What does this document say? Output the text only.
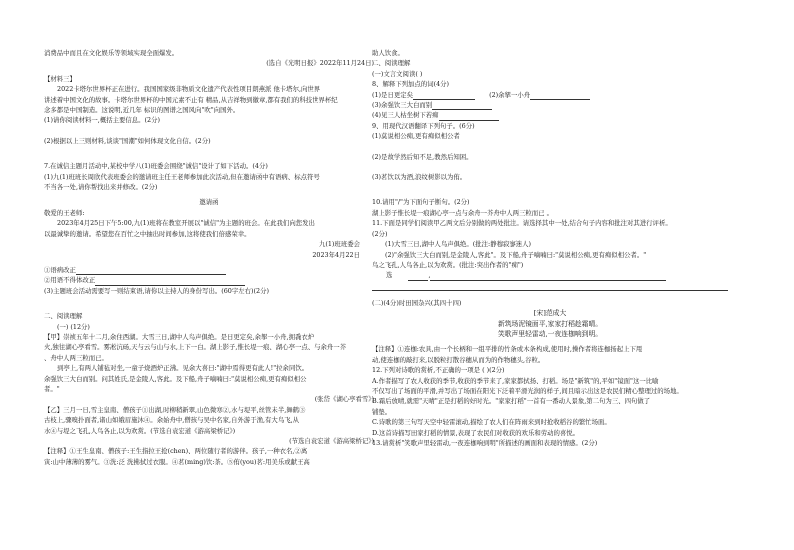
消费品中而且在文化娱乐等领域实现全面爆发。

(选自《光明日报》2022年11月24日)

【材料三】

2022卡塔尔世界杯正在进行。我国国家级非物质文化遗产代表性项目朗燕派 他卡塔尔,向世界

讲述着中国文化的故事。卡塔尔世界杯的中国元素不止有 精品,从吉祥物到徽章,都有我们的科技世界杯纪

念多都是中国制造。这说明,近几年 标识的图谱之国风向"吹"向国外。

(1)请你阅读材料一,概括主要信息。(2分)

(2)根据以上三则材料,谈谈"国潮"如何体现文化自信。(2分)

7.在诚信主题月活动中,某校中学八(1)班委会围绕"诚信"设计了如下活动。(4分)

(1)九(1)班班长周欣代表班委会的邀请班主任王老师参加此次活动,但在邀请函中有语病、标点符号

不当各一处,请你帮找出来并修改。(2分)

邀请函

敬爱的王老师:

2023年4月25日下午5:00,九(1)班将在教室开展以"诚信"为主题的班会。在此我们向您发出

以最诚挚的邀请。希望您在百忙之中抽出时间参加,这将使我们倍感荣幸。

九(1)班班委会

2023年4月22日

①语病改正

②用语不得体改正

(3)主题班会活动需要写一则结束语,请你以主持人的身份写出。(60字左右)(2分)

二、阅读理解

(一) (12分)

【甲】崇祯五年十二月,余住西湖。大雪三日,湖中人鸟声俱绝。是日更定矣,余挐一小舟,拥毳衣炉

火,独往湖心亭看雪。雾凇沆砀,天与云与山与水,上下一白。湖上影子,惟长堤一痕、湖心亭一点、与余舟一芥

、舟中人两三粒而已。

到亭上,有两人铺毡对坐,一童子烧酒炉正沸。见余大喜曰:"湖中焉得更有此人!"拉余同饮。

余强饮三大白而别。问其姓氏,是金陵人,客此。及下船,舟子喃喃曰:"莫说相公痴,更有痴似相公

者。"

(张岱《湖心亭看雪》)

【乙】三月一日,雪主皇南、僧孩子①出湖,时柳稍新翠,山色微寒②,水与堤平,丝管未半,舞鹤③

古枝上,骤嗅扑面者,诸山如娥眉施沐④。余始舟中,僧孩与吴中名家,自外游于渔,有大鸟飞,从

水④与堤之飞孔,人鸟各止,以为欢赏。(节选自袁宏道《游高梁桥记》)

(节选自袁宏道《游高梁桥记》)

【注释】①王生皇南、僧孩子:王生指拉王抢(chen)、两位随行者的游伴。孩子,一种衣名,②离

寅:山中薄薄的雾气。③洗:泛 洗拂拭过衣服。④茗(ming)饮:茶。⑤侑(you)茗:用美乐或献王高

助人饮食。

二、阅读理解

(一)文言文阅读( )

8、解释下列加点的词(4分)

(1)是日更定矣	(2)余挐一小舟

(3)余强饮三大白而别

(4)见三人枯坐树下若痴

9、用现代汉语翻译下列句子。(6分)

(1)莫说相公痴,更有痴似相公者

(2)是故学然后知不足,教然后知困。

(3)茗饮以为酒,浪纹树影以为侑。

10.请用"/"为下面句子断句。(2分)

湖上影子惟长堤一痕湖心亭一点与余舟一芥舟中人两三粒而已 。

11.下面是同学们阅读甲乙两文后分别做的两处批注。请选择其中一处,结合句子内容和批注对其进行评析。

(2分)

(1)大雪三日,湖中人鸟声俱绝。(批注:静穆寂寥迷人)

(2)"余强饮三大白而别,是金陵人,客此"。及下船,舟子喃喃曰:"莫说相公痴,更有痴似相公者。"

鸟之飞孔,人鸟各止,以为欢赏。(批注:突出作者的"痴")

选	,

(二)(4分)时田园杂兴(其四十四)

[宋]范成大

新筑场泥镜面平,家家打稻趁霜晴。

笑歌声里轻雷动,一夜连枷响到明。

【注释】①连枷:农具,由一个长柄和一组平排的竹条或木条构成,使用时,操作者将连枷扬起上下甩

动,使连枷的敲打来,以脱粒打散谷穗从而为的作物穗头,谷粒。

12.下列对诗歌的赏析,不正确的一项是 ( )(2分)

A.作者描写了农人收获的季节,收获的季节来了,家家都拭扬、打稻。场是"新筑"的,平如"镜面"这一比喻

不仅写出了场面的平滑,并写出了场面在阳光下泛着平滑光润的样子,间且暗示出这是农民们精心整理过的场地。

B.霜后放晴,就需"天晴"正是打稻的好时光。"家家打稻"一首有一番动人景象,第二句为三、四句做了

铺垫。

C.诗歌的第三句写天空中轻雷滚动,描绘了农人们在阵雨来到时抢收稻谷的繁忙场面。

D.这首诗描写田家打稻的情景,表现了农民们对收获的欢乐和劳动的喜悦。

13.请赏析"笑歌声里轻雷动,一夜连枷响到明"所描述的画面和表现的情感。(2分)
